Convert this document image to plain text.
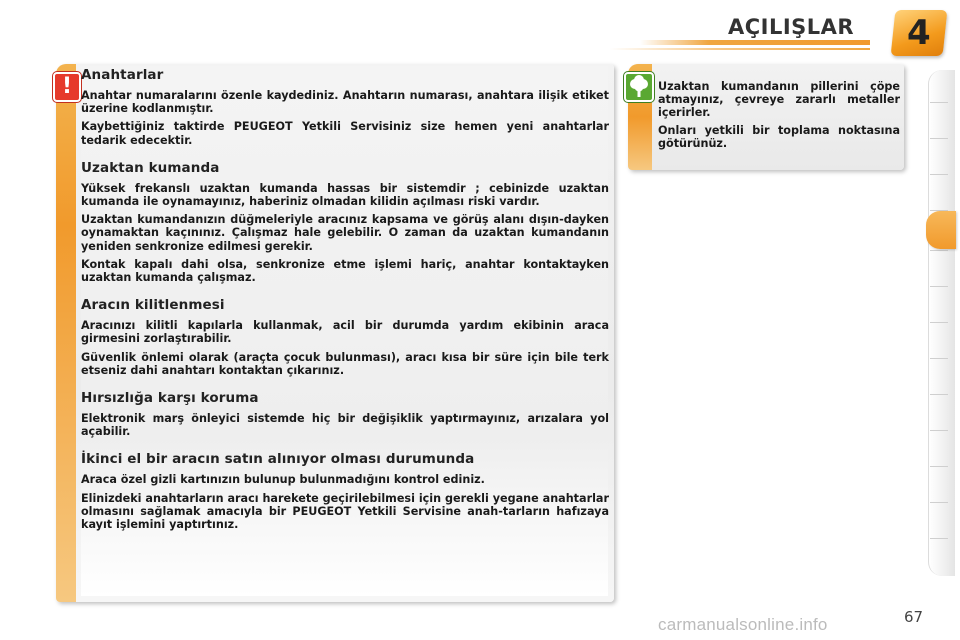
AÇILIŞLAR	4
! Anahtarlar

Anahtar numaralarını özenle kaydediniz. Anahtarın numarası, anahtara ilişik etiket üzerine kodlanmıştır.

Kaybettiğiniz taktirde PEUGEOT Yetkili Servisiniz size hemen yeni anahtarlar tedarik edecektir.

Uzaktan kumanda

Yüksek frekanslı uzaktan kumanda hassas bir sistemdir ; cebinizde uzaktan kumanda ile oynamayınız, haberiniz olmadan kilidin açılması riski vardır.

Uzaktan kumandanızın düğmeleriyle aracınız kapsama ve görüş alanı dışın-dayken oynamaktan kaçınınız. Çalışmaz hale gelebilir. O zaman da uzaktan kumandanın yeniden senkronize edilmesi gerekir.

Kontak kapalı dahi olsa, senkronize etme işlemi hariç, anahtar kontaktayken uzaktan kumanda çalışmaz.

Aracın kilitlenmesi

Aracınızı kilitli kapılarla kullanmak, acil bir durumda yardım ekibinin araca girmesini zorlaştırabilir.

Güvenlik önlemi olarak (araçta çocuk bulunması), aracı kısa bir süre için bile terk etseniz dahi anahtarı kontaktan çıkarınız.

Hırsızlığa karşı koruma

Elektronik marş önleyici sistemde hiç bir değişiklik yaptırmayınız, arızalara yol açabilir.

İkinci el bir aracın satın alınıyor olması durumunda

Araca özel gizli kartınızın bulunup bulunmadığını kontrol ediniz.

Elinizdeki anahtarların aracı harekete geçirilebilmesi için gerekli yegane anahtarlar olmasını sağlamak amacıyla bir PEUGEOT Yetkili Servisine anah-tarların hafızaya kayıt işlemini yaptırtınız.

Uzaktan kumandanın pillerini çöpe atmayınız, çevreye zararlı metaller içerirler.

Onları yetkili bir toplama noktasına götürünüz.

carmanualsonline.info	67
